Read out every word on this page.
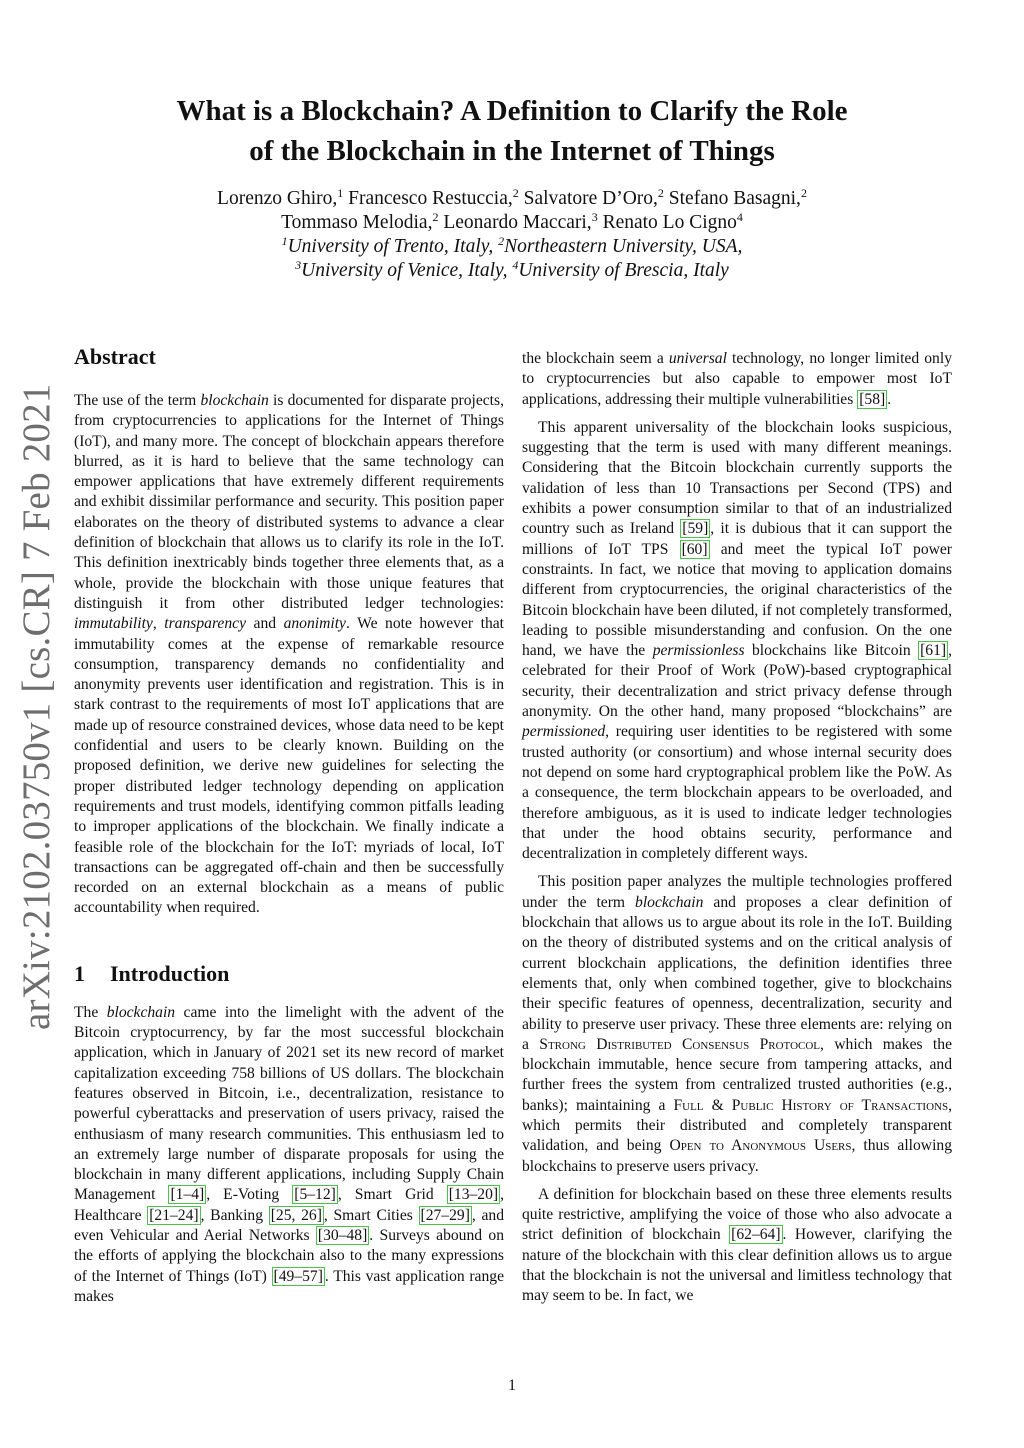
arXiv:2102.03750v1 [cs.CR] 7 Feb 2021
What is a Blockchain? A Definition to Clarify the Role
of the Blockchain in the Internet of Things
Lorenzo Ghiro,$^1$ Francesco Restuccia,$^2$ Salvatore D’Oro,$^2$ Stefano Basagni,$^2$
Tommaso Melodia,$^2$ Leonardo Maccari,$^3$ Renato Lo Cigno$^4$
$^1$University of Trento, Italy, $^2$Northeastern University, USA,
$^3$University of Venice, Italy, $^4$University of Brescia, Italy
Abstract

The use of the term blockchain is documented for disparate projects, from cryptocurrencies to applications for the Internet of Things (IoT), and many more. The concept of blockchain appears therefore blurred, as it is hard to believe that the same technology can empower applications that have extremely different requirements and exhibit dissimilar performance and security. This position paper elaborates on the theory of distributed systems to advance a clear definition of blockchain that allows us to clarify its role in the IoT. This definition inextricably binds together three elements that, as a whole, provide the blockchain with those unique features that distinguish it from other distributed ledger technologies: immutability, transparency and anonimity. We note however that immutability comes at the expense of remarkable resource consumption, transparency demands no confidentiality and anonymity prevents user identification and registration. This is in stark contrast to the requirements of most IoT applications that are made up of resource constrained devices, whose data need to be kept confidential and users to be clearly known. Building on the proposed definition, we derive new guidelines for selecting the proper distributed ledger technology depending on application requirements and trust models, identifying common pitfalls leading to improper applications of the blockchain. We finally indicate a feasible role of the blockchain for the IoT: myriads of local, IoT transactions can be aggregated off-chain and then be successfully recorded on an external blockchain as a means of public accountability when required.

1 Introduction

The blockchain came into the limelight with the advent of the Bitcoin cryptocurrency, by far the most successful blockchain application, which in January of 2021 set its new record of market capitalization exceeding 758 billions of US dollars. The blockchain features observed in Bitcoin, i.e., decentralization, resistance to powerful cyberattacks and preservation of users privacy, raised the enthusiasm of many research communities. This enthusiasm led to an extremely large number of disparate proposals for using the blockchain in many different applications, including Supply Chain Management [1–4] , E-Voting [5–12] , Smart Grid [13–20] , Healthcare [21–24] , Banking [25, 26] , Smart Cities [27–29] , and even Vehicular and Aerial Networks [30–48] . Surveys abound on the efforts of applying the blockchain also to the many expressions of the Internet of Things (IoT) [49–57] . This vast application range makes

the blockchain seem a universal technology, no longer limited only to cryptocurrencies but also capable to empower most IoT applications, addressing their multiple vulnerabilities [58] .

This apparent universality of the blockchain looks suspicious, suggesting that the term is used with many different meanings. Considering that the Bitcoin blockchain currently supports the validation of less than 10 Transactions per Second (TPS) and exhibits a power consumption similar to that of an industrialized country such as Ireland [59] , it is dubious that it can support the millions of IoT TPS [60] and meet the typical IoT power constraints. In fact, we notice that moving to application domains different from cryptocurrencies, the original characteristics of the Bitcoin blockchain have been diluted, if not completely transformed, leading to possible misunderstanding and confusion. On the one hand, we have the permissionless blockchains like Bitcoin [61] , celebrated for their Proof of Work (PoW)-based cryptographical security, their decentralization and strict privacy defense through anonymity. On the other hand, many proposed “blockchains” are permissioned, requiring user identities to be registered with some trusted authority (or consortium) and whose internal security does not depend on some hard cryptographical problem like the PoW. As a consequence, the term blockchain appears to be overloaded, and therefore ambiguous, as it is used to indicate ledger technologies that under the hood obtains security, performance and decentralization in completely different ways.

This position paper analyzes the multiple technologies proffered under the term blockchain and proposes a clear definition of blockchain that allows us to argue about its role in the IoT. Building on the theory of distributed systems and on the critical analysis of current blockchain applications, the definition identifies three elements that, only when combined together, give to blockchains their specific features of openness, decentralization, security and ability to preserve user privacy. These three elements are: relying on a Strong Distributed Consensus Protocol, which makes the blockchain immutable, hence secure from tampering attacks, and further frees the system from centralized trusted authorities (e.g., banks); maintaining a Full & Public History of Transactions, which permits their distributed and completely transparent validation, and being Open to Anonymous Users, thus allowing blockchains to preserve users privacy.

A definition for blockchain based on these three elements results quite restrictive, amplifying the voice of those who also advocate a strict definition of blockchain [62–64] . However, clarifying the nature of the blockchain with this clear definition allows us to argue that the blockchain is not the universal and limitless technology that may seem to be. In fact, we

1
